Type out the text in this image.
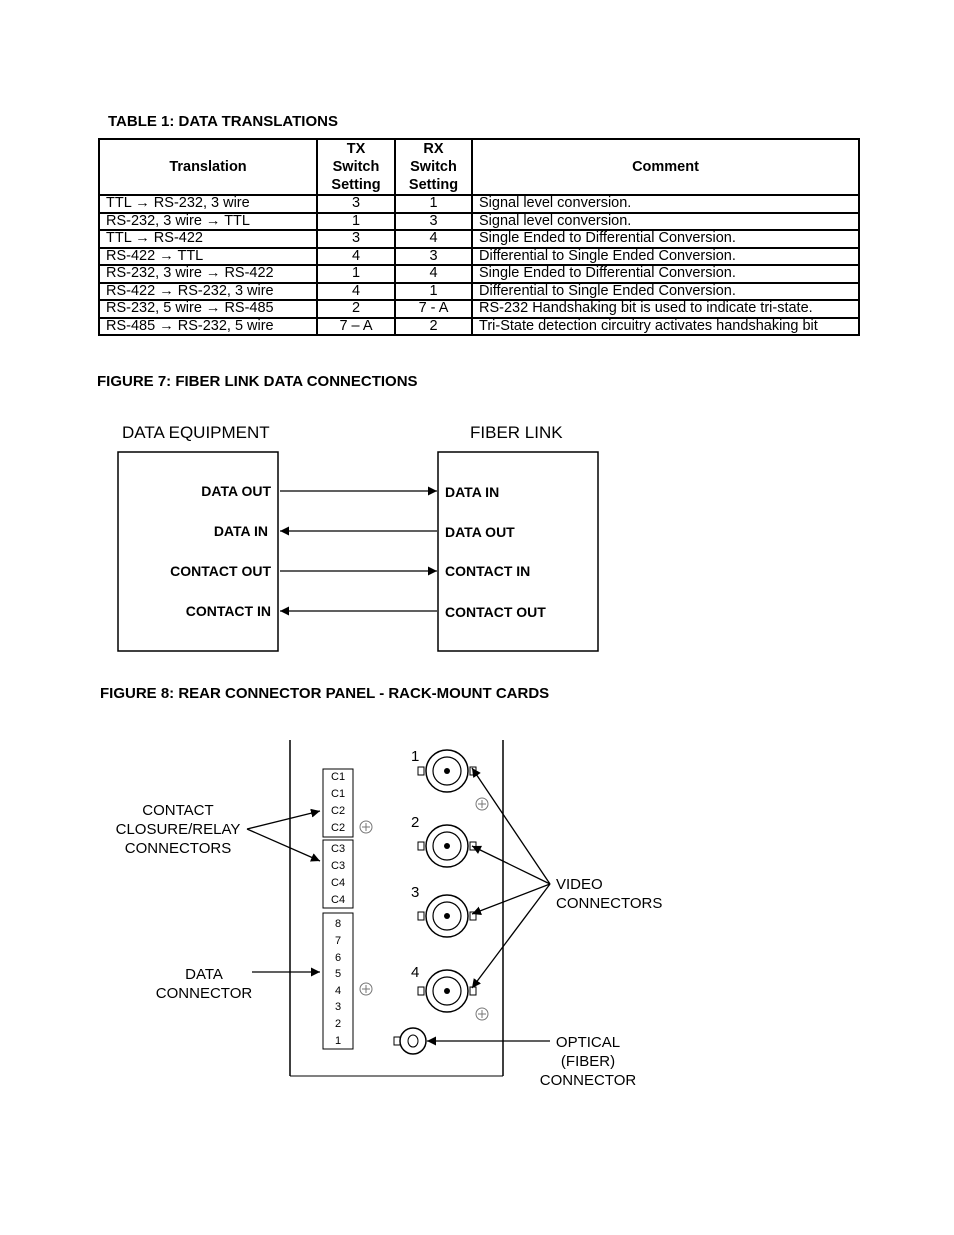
TABLE 1: DATA TRANSLATIONS
Translation	TX
Switch
Setting	RX
Switch
Setting	Comment
TTL → RS-232, 3 wire	3	1	Signal level conversion.
RS-232, 3 wire → TTL	1	3	Signal level conversion.
TTL → RS-422	3	4	Single Ended to Differential Conversion.
RS-422 → TTL	4	3	Differential to Single Ended Conversion.
RS-232, 3 wire → RS-422	1	4	Single Ended to Differential Conversion.
RS-422 → RS-232, 3 wire	4	1	Differential to Single Ended Conversion.
RS-232, 5 wire → RS-485	2	7 - A	RS-232 Handshaking bit is used to indicate tri-state.
RS-485 → RS-232, 5 wire	7 – A	2	Tri-State detection circuitry activates handshaking bit
FIGURE 7: FIBER LINK DATA CONNECTIONS
FIGURE 8: REAR CONNECTOR PANEL - RACK-MOUNT CARDS
DATA EQUIPMENT	FIBER LINK
DATA OUT
DATA IN
CONTACT OUT
CONTACT IN
DATA IN
DATA OUT
CONTACT IN
CONTACT OUT
C1
C1
C2
C2
C3
C3
C4
C4
8
7
6
5
4
3
2
1
1
2
3
4
CONTACT
CLOSURE/RELAY
CONNECTORS
DATA
CONNECTOR
VIDEO
CONNECTORS
OPTICAL
(FIBER)
CONNECTOR
